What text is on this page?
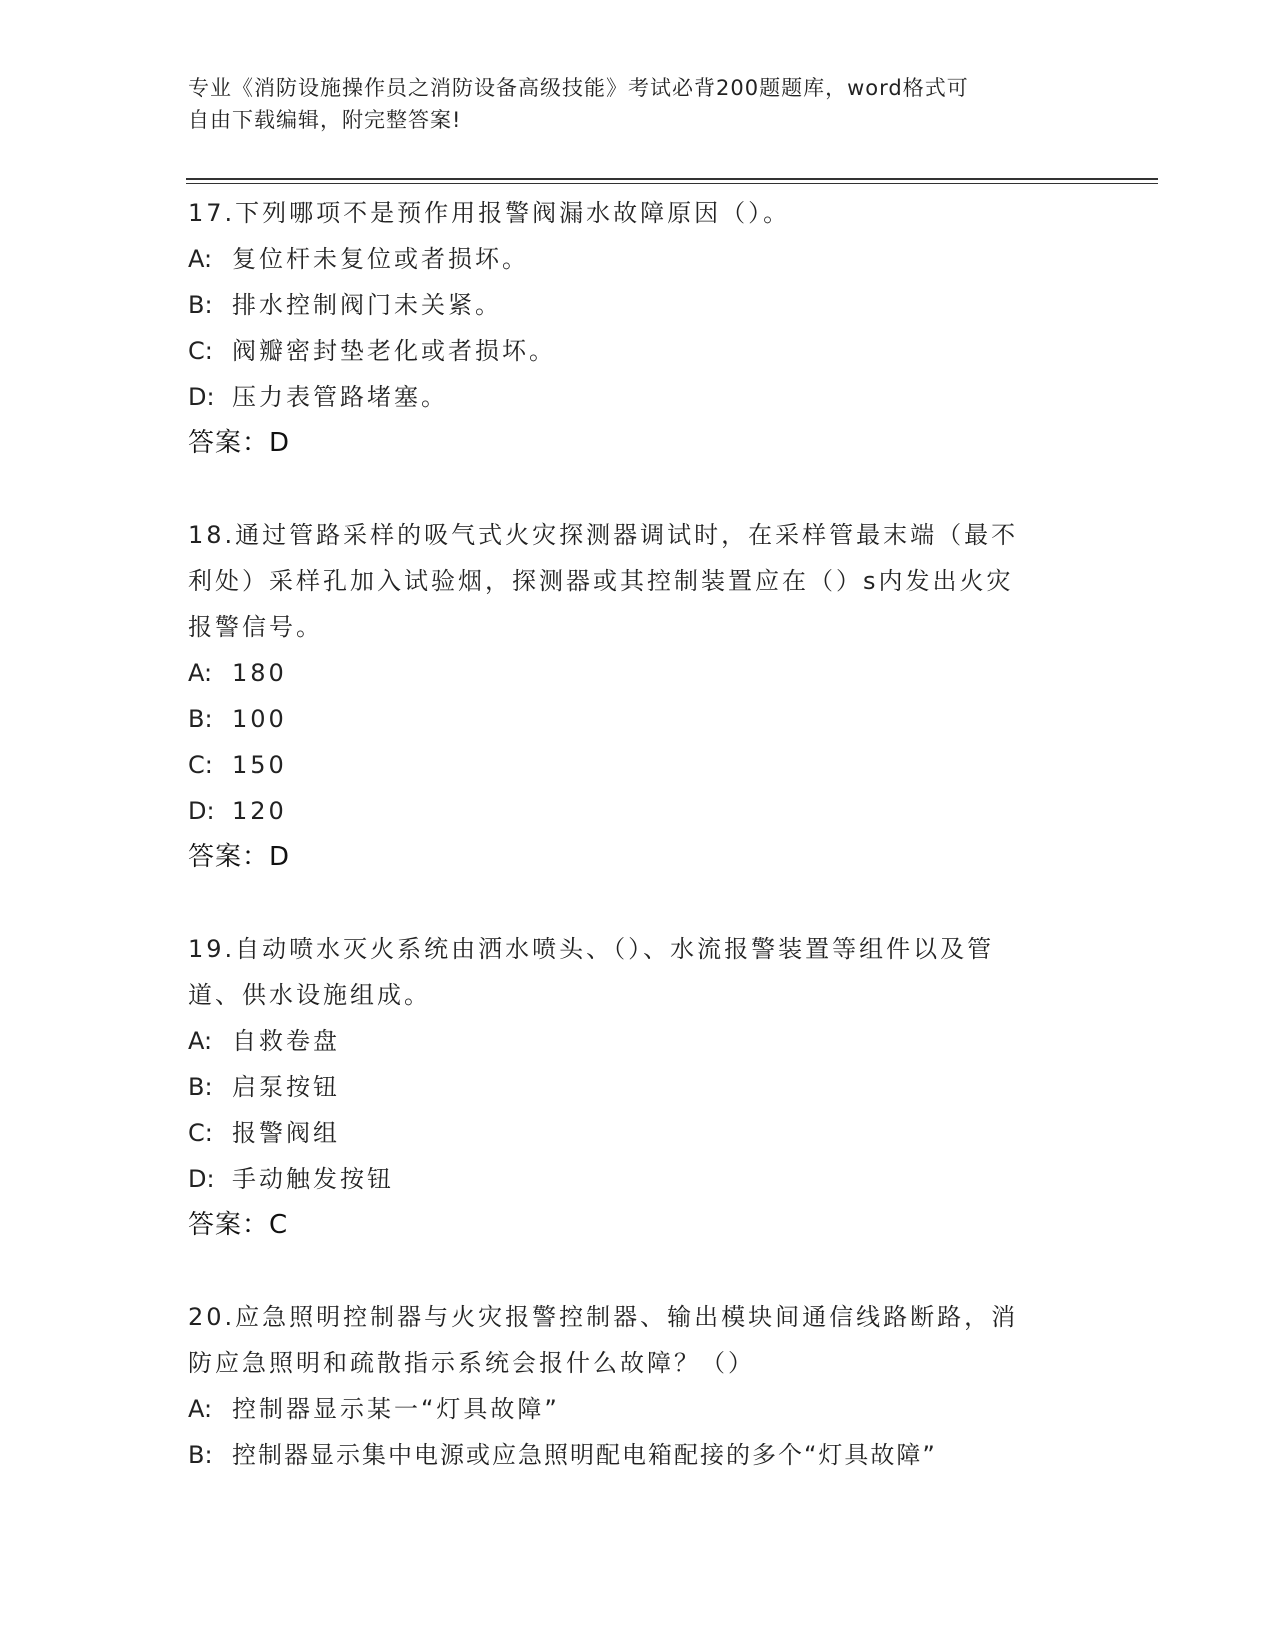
专业《消防设施操作员之消防设备高级技能》考试必背200题题库，word格式可

自由下载编辑，附完整答案!

17.下列哪项不是预作用报警阀漏水故障原因（）。

A: 复位杆未复位或者损坏。

B: 排水控制阀门未关紧。

C: 阀瓣密封垫老化或者损坏。

D: 压力表管路堵塞。

答案：D

18.通过管路采样的吸气式火灾探测器调试时，在采样管最末端（最不

利处）采样孔加入试验烟，探测器或其控制装置应在（）s内发出火灾

报警信号。

A: 180

B: 100

C: 150

D: 120

答案：D

19.自动喷水灭火系统由洒水喷头、（）、水流报警装置等组件以及管

道、供水设施组成。

A: 自救卷盘

B: 启泵按钮

C: 报警阀组

D: 手动触发按钮

答案：C

20.应急照明控制器与火灾报警控制器、输出模块间通信线路断路，消

防应急照明和疏散指示系统会报什么故障？（）

A: 控制器显示某一“灯具故障”

B: 控制器显示集中电源或应急照明配电箱配接的多个“灯具故障”
